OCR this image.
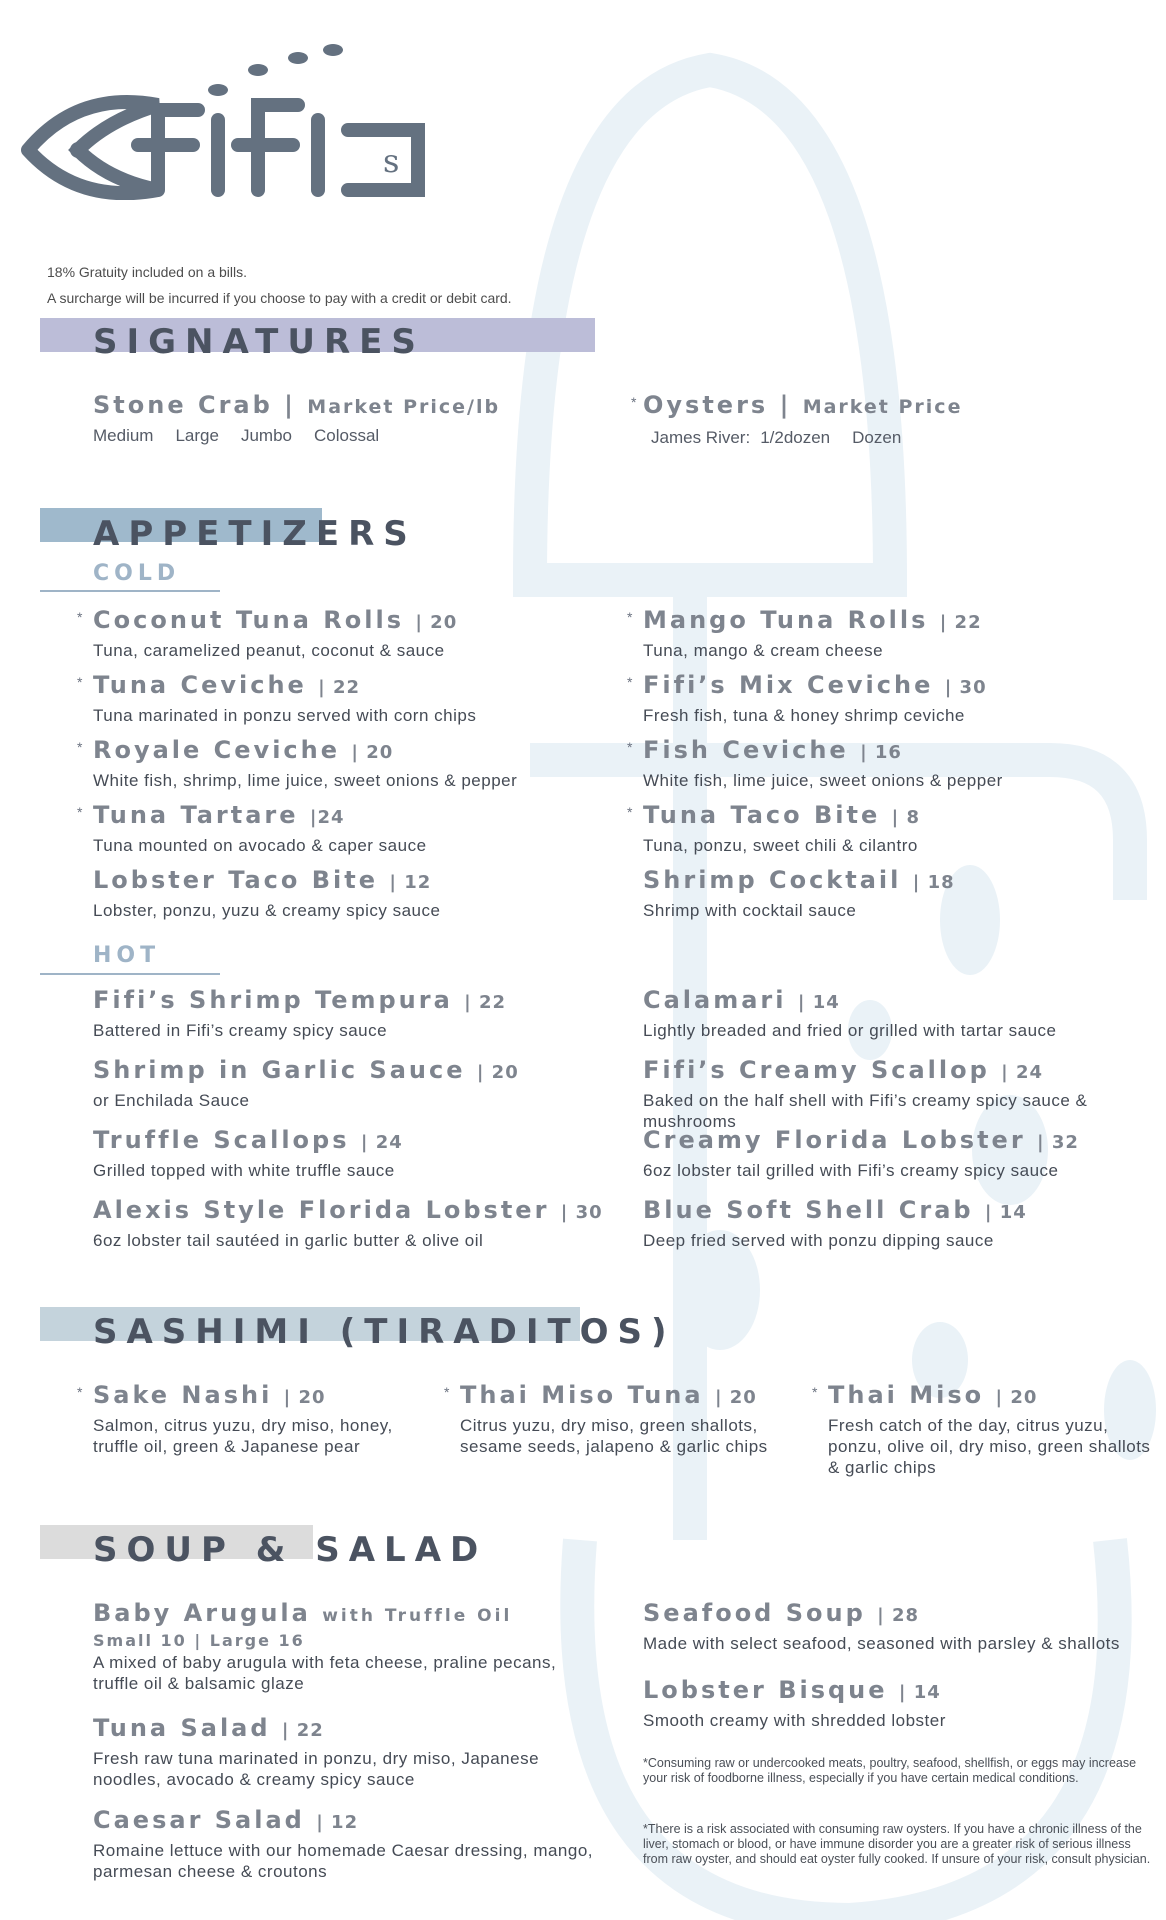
s
18% Gratuity included on a bills.
A surcharge will be incurred if you choose to pay with a credit or debit card.
SIGNATURES
Stone Crab | Market Price/lb
Medium Large Jumbo Colossal
* Oysters | Market Price
James River: 1/2dozen Dozen
APPETIZERS
COLD
* Coconut Tuna Rolls | 20
Tuna, caramelized peanut, coconut & sauce
* Mango Tuna Rolls | 22
Tuna, mango & cream cheese
* Tuna Ceviche | 22
Tuna marinated in ponzu served with corn chips
* Fifi’s Mix Ceviche | 30
Fresh fish, tuna & honey shrimp ceviche
* Royale Ceviche | 20
White fish, shrimp, lime juice, sweet onions & pepper
* Fish Ceviche | 16
White fish, lime juice, sweet onions & pepper
* Tuna Tartare |24
Tuna mounted on avocado & caper sauce
* Tuna Taco Bite | 8
Tuna, ponzu, sweet chili & cilantro
Lobster Taco Bite | 12
Lobster, ponzu, yuzu & creamy spicy sauce
Shrimp Cocktail | 18
Shrimp with cocktail sauce
HOT
Fifi’s Shrimp Tempura | 22
Battered in Fifi’s creamy spicy sauce
Calamari | 14
Lightly breaded and fried or grilled with tartar sauce
Shrimp in Garlic Sauce | 20
or Enchilada Sauce
Fifi’s Creamy Scallop | 24
Baked on the half shell with Fifi’s creamy spicy sauce & mushrooms
Truffle Scallops | 24
Grilled topped with white truffle sauce
Creamy Florida Lobster | 32
6oz lobster tail grilled with Fifi’s creamy spicy sauce
Alexis Style Florida Lobster | 30
6oz lobster tail sautéed in garlic butter & olive oil
Blue Soft Shell Crab | 14
Deep fried served with ponzu dipping sauce
SASHIMI (TIRADITOS)
* Sake Nashi | 20
Salmon, citrus yuzu, dry miso, honey, truffle oil, green & Japanese pear
* Thai Miso Tuna | 20
Citrus yuzu, dry miso, green shallots, sesame seeds, jalapeno & garlic chips
* Thai Miso | 20
Fresh catch of the day, citrus yuzu, ponzu, olive oil, dry miso, green shallots & garlic chips
SOUP & SALAD
Baby Arugula with Truffle Oil
Small 10 | Large 16
A mixed of baby arugula with feta cheese, praline pecans, truffle oil & balsamic glaze
Tuna Salad | 22
Fresh raw tuna marinated in ponzu, dry miso, Japanese noodles, avocado & creamy spicy sauce
Caesar Salad | 12
Romaine lettuce with our homemade Caesar dressing, mango, parmesan cheese & croutons
Seafood Soup | 28
Made with select seafood, seasoned with parsley & shallots
Lobster Bisque | 14
Smooth creamy with shredded lobster
*Consuming raw or undercooked meats, poultry, seafood, shellfish, or eggs may increase your risk of foodborne illness, especially if you have certain medical conditions.
*There is a risk associated with consuming raw oysters. If you have a chronic illness of the liver, stomach or blood, or have immune disorder you are a greater risk of serious illness from raw oyster, and should eat oyster fully cooked. If unsure of your risk, consult physician.
